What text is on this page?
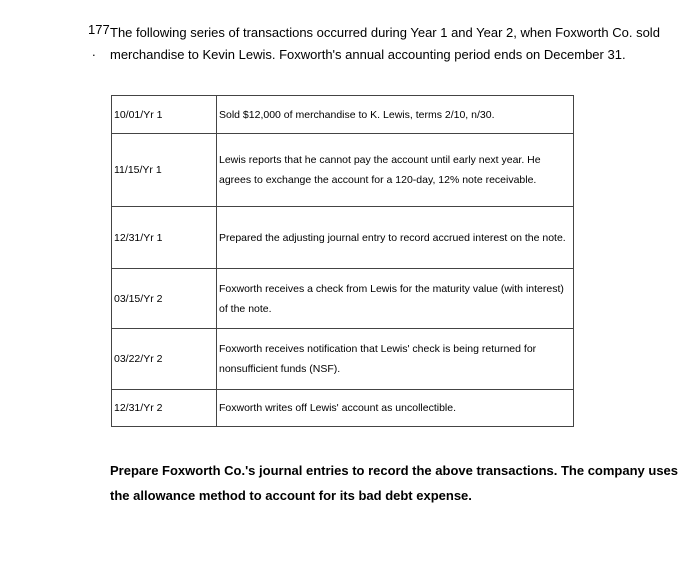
177
.
The following series of transactions occurred during Year 1 and Year 2, when Foxworth Co. sold merchandise to Kevin Lewis. Foxworth's annual accounting period ends on December 31.
10/01/Yr 1	Sold $12,000 of merchandise to K. Lewis, terms 2/10, n/30.
11/15/Yr 1	Lewis reports that he cannot pay the account until early next year. He agrees to exchange the account for a 120-day, 12% note receivable.
12/31/Yr 1	Prepared the adjusting journal entry to record accrued interest on the note.
03/15/Yr 2	Foxworth receives a check from Lewis for the maturity value (with interest) of the note.
03/22/Yr 2	Foxworth receives notification that Lewis' check is being returned for nonsufficient funds (NSF).
12/31/Yr 2	Foxworth writes off Lewis' account as uncollectible.
Prepare Foxworth Co.'s journal entries to record the above transactions. The company uses the allowance method to account for its bad debt expense.
